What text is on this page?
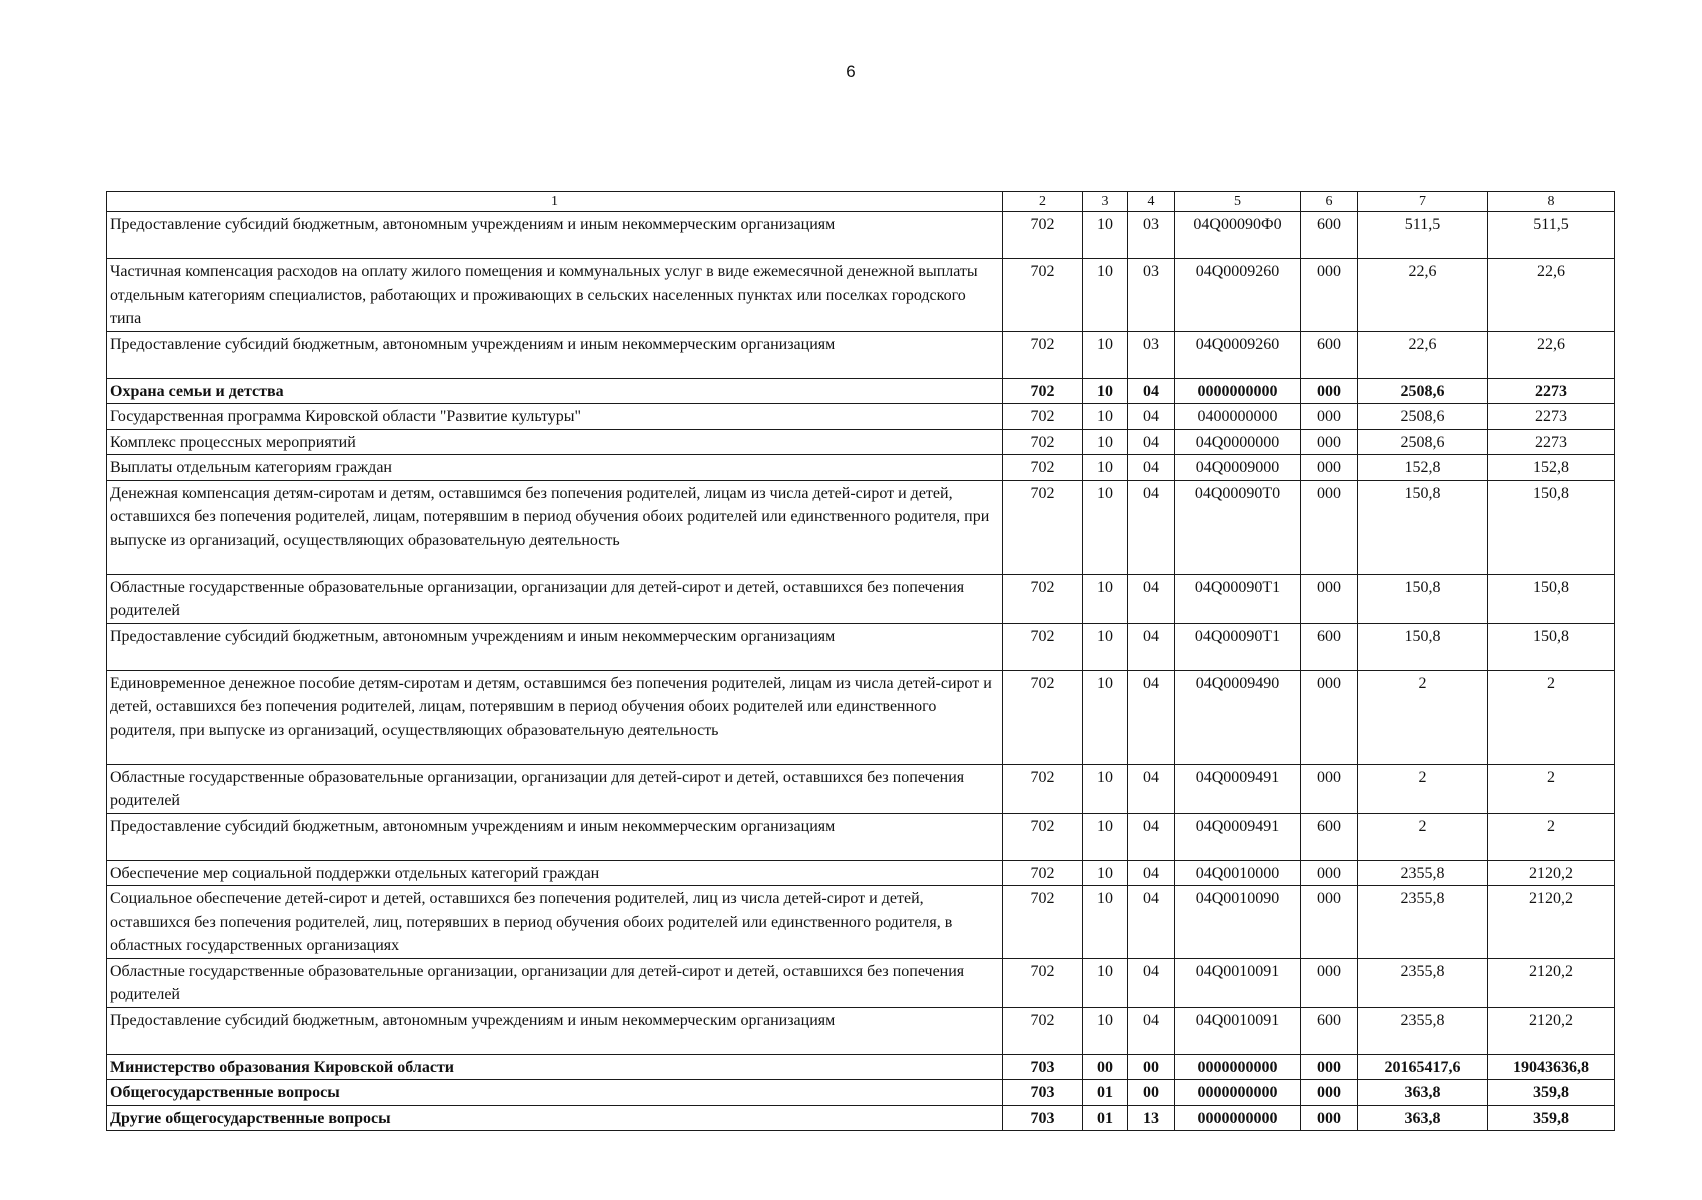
6
1	2	3	4	5	6	7	8
Предоставление субсидий бюджетным, автономным учреждениям и иным некоммерческим организациям	702	10	03	04Q00090Ф0	600	511,5	511,5
Частичная компенсация расходов на оплату жилого помещения и коммунальных услуг в виде ежемесячной денежной выплаты отдельным категориям специалистов, работающих и проживающих в сельских населенных пунктах или поселках городского типа	702	10	03	04Q0009260	000	22,6	22,6
Предоставление субсидий бюджетным, автономным учреждениям и иным некоммерческим организациям	702	10	03	04Q0009260	600	22,6	22,6
Охрана семьи и детства	702	10	04	0000000000	000	2508,6	2273
Государственная программа Кировской области "Развитие культуры"	702	10	04	0400000000	000	2508,6	2273
Комплекс процессных мероприятий	702	10	04	04Q0000000	000	2508,6	2273
Выплаты отдельным категориям граждан	702	10	04	04Q0009000	000	152,8	152,8
Денежная компенсация детям-сиротам и детям, оставшимся без попечения родителей, лицам из числа детей-сирот и детей, оставшихся без попечения родителей, лицам, потерявшим в период обучения обоих родителей или единственного родителя, при выпуске из организаций, осуществляющих образовательную деятельность	702	10	04	04Q00090Т0	000	150,8	150,8
Областные государственные образовательные организации, организации для детей-сирот и детей, оставшихся без попечения родителей	702	10	04	04Q00090Т1	000	150,8	150,8
Предоставление субсидий бюджетным, автономным учреждениям и иным некоммерческим организациям	702	10	04	04Q00090Т1	600	150,8	150,8
Единовременное денежное пособие детям-сиротам и детям, оставшимся без попечения родителей, лицам из числа детей-сирот и детей, оставшихся без попечения родителей, лицам, потерявшим в период обучения обоих родителей или единственного родителя, при выпуске из организаций, осуществляющих образовательную деятельность	702	10	04	04Q0009490	000	2	2
Областные государственные образовательные организации, организации для детей-сирот и детей, оставшихся без попечения родителей	702	10	04	04Q0009491	000	2	2
Предоставление субсидий бюджетным, автономным учреждениям и иным некоммерческим организациям	702	10	04	04Q0009491	600	2	2
Обеспечение мер социальной поддержки отдельных категорий граждан	702	10	04	04Q0010000	000	2355,8	2120,2
Социальное обеспечение детей-сирот и детей, оставшихся без попечения родителей, лиц из числа детей-сирот и детей, оставшихся без попечения родителей, лиц, потерявших в период обучения обоих родителей или единственного родителя, в областных государственных организациях	702	10	04	04Q0010090	000	2355,8	2120,2
Областные государственные образовательные организации, организации для детей-сирот и детей, оставшихся без попечения родителей	702	10	04	04Q0010091	000	2355,8	2120,2
Предоставление субсидий бюджетным, автономным учреждениям и иным некоммерческим организациям	702	10	04	04Q0010091	600	2355,8	2120,2
Министерство образования Кировской области	703	00	00	0000000000	000	20165417,6	19043636,8
Общегосударственные вопросы	703	01	00	0000000000	000	363,8	359,8
Другие общегосударственные вопросы	703	01	13	0000000000	000	363,8	359,8
